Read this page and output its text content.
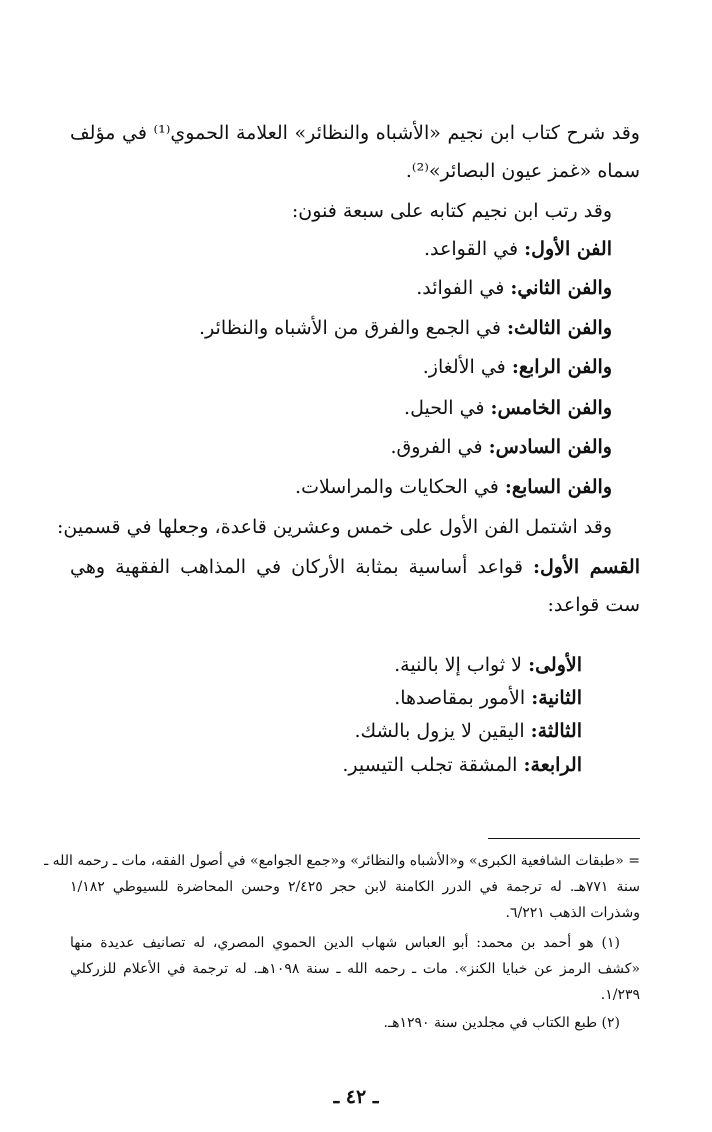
وقد شرح كتاب ابن نجيم «الأشباه والنظائر» العلامة الحموي⁽¹⁾ في مؤلف
سماه «غمز عيون البصائر»⁽²⁾.
وقد رتب ابن نجيم كتابه على سبعة فنون:
الفن الأول: في القواعد.
والفن الثاني: في الفوائد.
والفن الثالث: في الجمع والفرق من الأشباه والنظائر.
والفن الرابع: في الألغاز.
والفن الخامس: في الحيل.
والفن السادس: في الفروق.
والفن السابع: في الحكايات والمراسلات.
وقد اشتمل الفن الأول على خمس وعشرين قاعدة، وجعلها في قسمين:
القسم الأول: قواعد أساسية بمثابة الأركان في المذاهب الفقهية وهي
ست قواعد:
الأولى: لا ثواب إلا بالنية.
الثانية: الأمور بمقاصدها.
الثالثة: اليقين لا يزول بالشك.
الرابعة: المشقة تجلب التيسير.
= «طبقات الشافعية الكبرى» و«الأشباه والنظائر» و«جمع الجوامع» في أصول الفقه، مات ـ رحمه الله ـ
سنة ٧٧١هـ. له ترجمة في الدرر الكامنة لابن حجر ٢/٤٢٥ وحسن المحاضرة للسيوطي ١/١٨٢
وشذرات الذهب ٦/٢٢١.
(١) هو أحمد بن محمد: أبو العباس شهاب الدين الحموي المصري، له تصانيف عديدة منها
«كشف الرمز عن خبايا الكنز». مات ـ رحمه الله ـ سنة ١٠٩٨هـ. له ترجمة في الأعلام للزركلي
١/٢٣٩.
(٢) طبع الكتاب في مجلدين سنة ١٢٩٠هـ.
ـ ٤٢ ـ
